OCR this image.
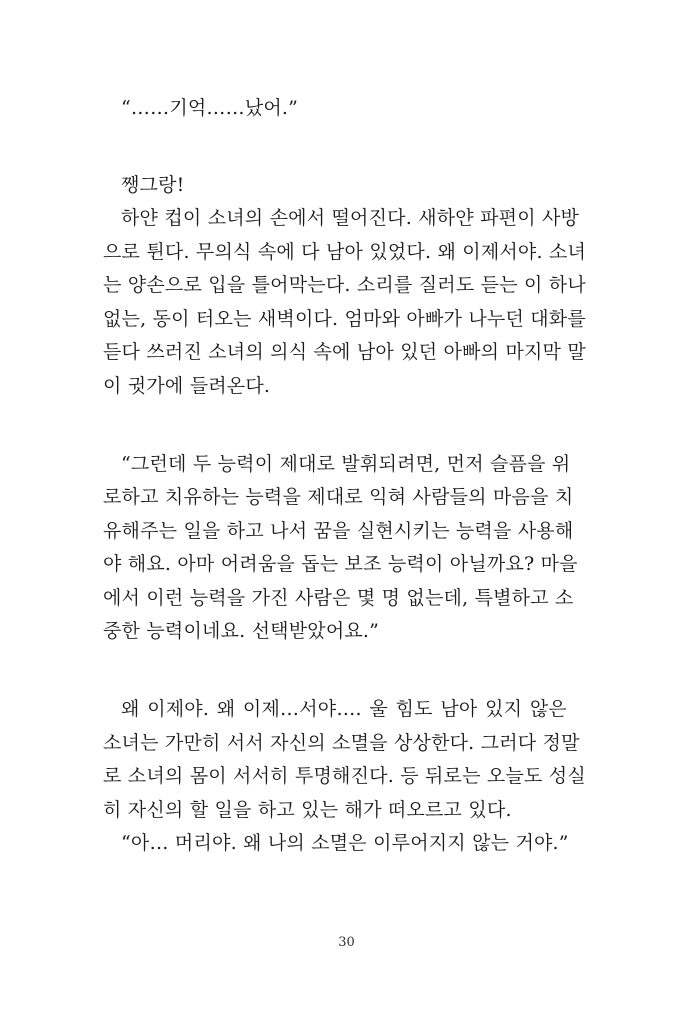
“……기억……났어.”
쨍그랑!
하얀 컵이 소녀의 손에서 떨어진다. 새하얀 파편이 사방
으로 튄다. 무의식 속에 다 남아 있었다. 왜 이제서야. 소녀
는 양손으로 입을 틀어막는다. 소리를 질러도 듣는 이 하나
없는, 동이 터오는 새벽이다. 엄마와 아빠가 나누던 대화를
듣다 쓰러진 소녀의 의식 속에 남아 있던 아빠의 마지막 말
이 귓가에 들려온다.
“그런데 두 능력이 제대로 발휘되려면, 먼저 슬픔을 위
로하고 치유하는 능력을 제대로 익혀 사람들의 마음을 치
유해주는 일을 하고 나서 꿈을 실현시키는 능력을 사용해
야 해요. 아마 어려움을 돕는 보조 능력이 아닐까요? 마을
에서 이런 능력을 가진 사람은 몇 명 없는데, 특별하고 소
중한 능력이네요. 선택받았어요.”
왜 이제야. 왜 이제…서야…. 울 힘도 남아 있지 않은
소녀는 가만히 서서 자신의 소멸을 상상한다. 그러다 정말
로 소녀의 몸이 서서히 투명해진다. 등 뒤로는 오늘도 성실
히 자신의 할 일을 하고 있는 해가 떠오르고 있다.
“아… 머리야. 왜 나의 소멸은 이루어지지 않는 거야.”
30
